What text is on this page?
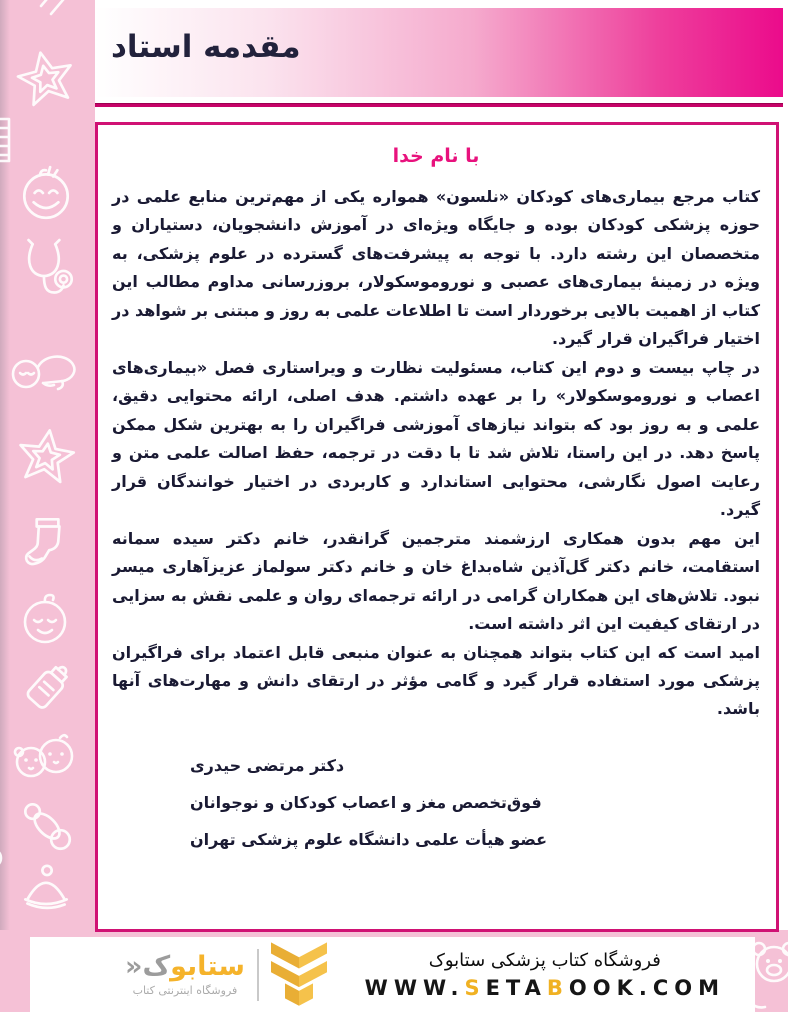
مقدمه استاد
با نام خدا

کتاب مرجع بیماری‌های کودکان «نلسون» همواره یکی از مهم‌ترین منابع علمی در حوزه پزشکی کودکان بوده و جایگاه ویژه‌ای در آموزش دانشجویان، دستیاران و متخصصان این رشته دارد. با توجه به پیشرفت‌های گسترده در علوم پزشکی، به ویژه در زمینهٔ بیماری‌های عصبی و نوروموسکولار، بروزرسانی مداوم مطالب این کتاب از اهمیت بالایی برخوردار است تا اطلاعات علمی به روز و مبتنی بر شواهد در اختیار فراگیران قرار گیرد.

در چاپ بیست و دوم این کتاب، مسئولیت نظارت و ویراستاری فصل «بیماری‌های اعصاب و نوروموسکولار» را بر عهده داشتم. هدف اصلی، ارائه محتوایی دقیق، علمی و به روز بود که بتواند نیازهای آموزشی فراگیران را به بهترین شکل ممکن پاسخ دهد. در این راستا، تلاش شد تا با دقت در ترجمه، حفظ اصالت علمی متن و رعایت اصول نگارشی، محتوایی استاندارد و کاربردی در اختیار خوانندگان قرار گیرد.

این مهم بدون همکاری ارزشمند مترجمین گرانقدر، خانم دکتر سیده سمانه استقامت، خانم دکتر گل‌آذین شاه‌بداغ خان و خانم دکتر سولماز عزیزآهاری میسر نبود. تلاش‌های این همکاران گرامی در ارائه ترجمه‌ای روان و علمی نقش به سزایی در ارتقای کیفیت این اثر داشته است.

امید است که این کتاب بتواند همچنان به عنوان منبعی قابل اعتماد برای فراگیران پزشکی مورد استفاده قرار گیرد و گامی مؤثر در ارتقای دانش و مهارت‌های آنها باشد.

دکتر مرتضی حیدری
فوق‌تخصص مغز و اعصاب کودکان و نوجوانان
عضو هیأت علمی دانشگاه علوم پزشکی تهران
ستابوک«
فروشگاه اینترنتی کتاب
فروشگاه کتاب پزشکی ستابوک
WWW.SETABOOK.COM
